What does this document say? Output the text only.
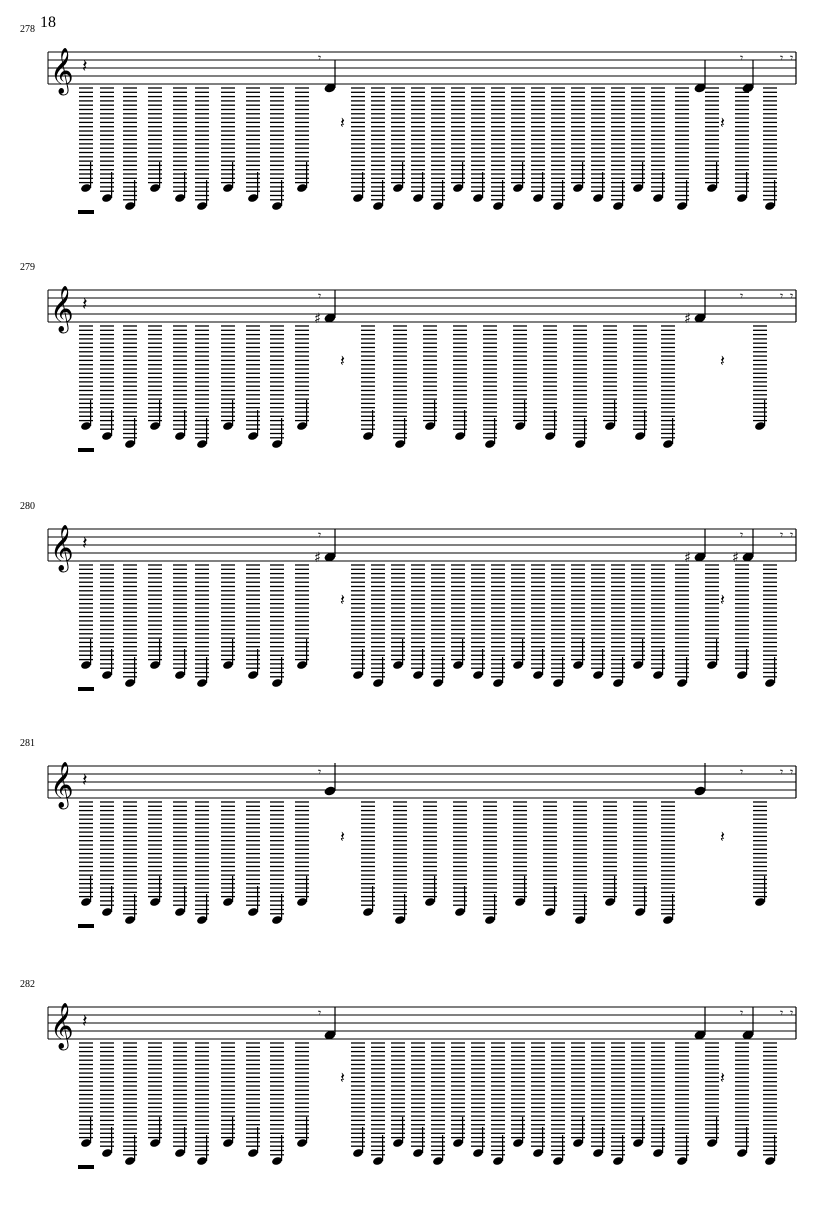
18
278
𝄞 𝄽	𝄾	𝄾	𝄾 𝄾
𝄽	𝄽
279
𝄞 𝄽
♯	♯
𝄾	𝄾	𝄾 𝄾
𝄽	𝄽
280
𝄞 𝄽
♯	♯	♯
𝄾	𝄾	𝄾 𝄾
𝄽	𝄽
281
𝄞 𝄽	𝄾	𝄾	𝄾 𝄾
𝄽	𝄽
282
𝄞 𝄽	𝄾	𝄾	𝄾 𝄾
𝄽	𝄽
